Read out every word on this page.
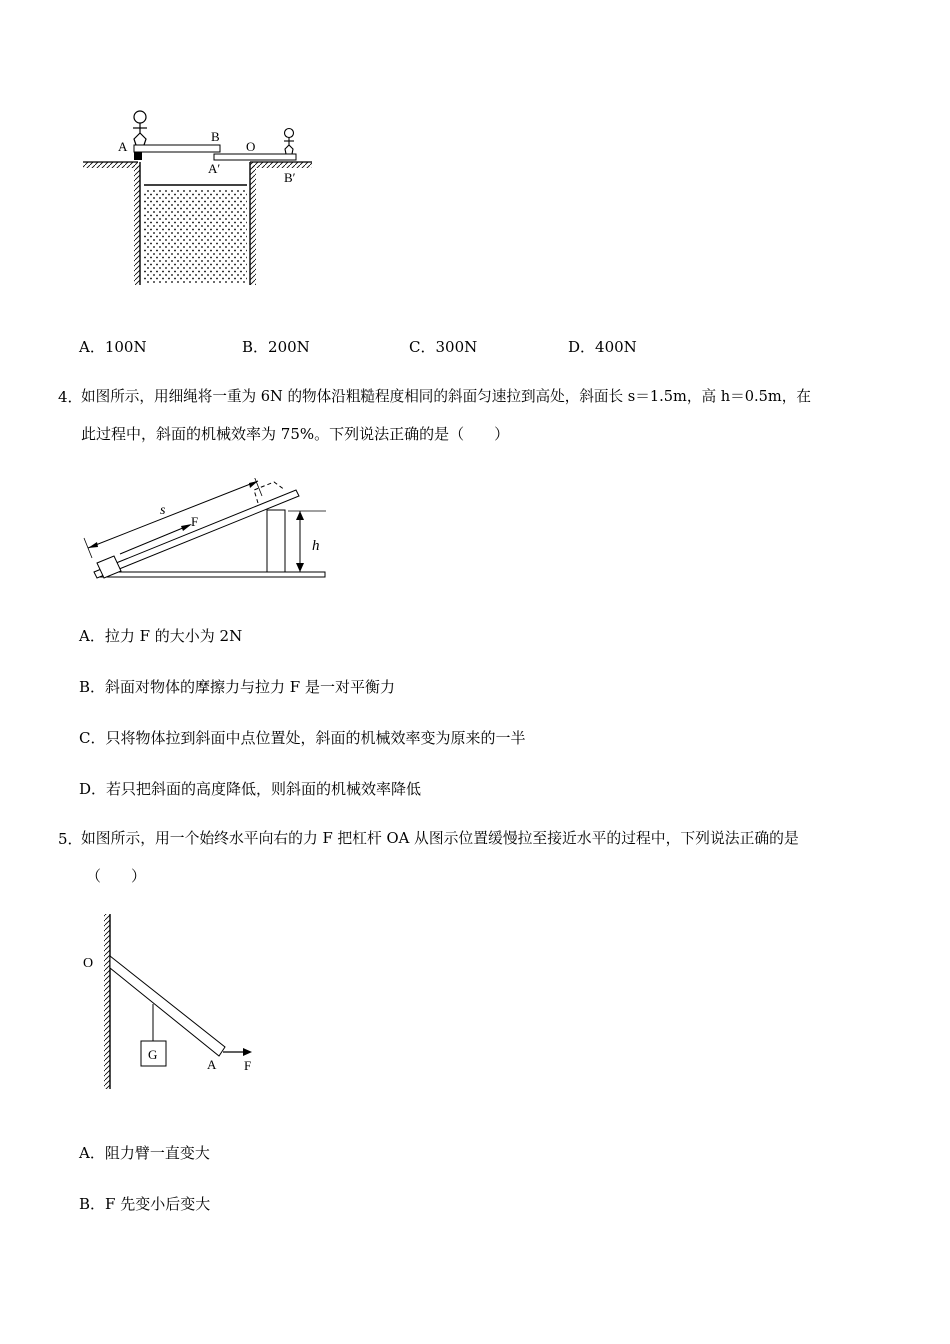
A
B
O
A′
B′
A．100N	B．200N	C．300N	D．400N
4．
如图所示，用细绳将一重为 6N 的物体沿粗糙程度相同的斜面匀速拉到高处，斜面长 s＝1.5m，高 h＝0.5m，在
此过程中，斜面的机械效率为 75%。下列说法正确的是（　　）
s
F
h
A．拉力 F 的大小为 2N
B．斜面对物体的摩擦力与拉力 F 是一对平衡力
C．只将物体拉到斜面中点位置处，斜面的机械效率变为原来的一半
D．若只把斜面的高度降低，则斜面的机械效率降低
5．
如图所示，用一个始终水平向右的力 F 把杠杆 OA 从图示位置缓慢拉至接近水平的过程中，下列说法正确的是
（　　）
O
G
A F
A．阻力臂一直变大
B．F 先变小后变大
